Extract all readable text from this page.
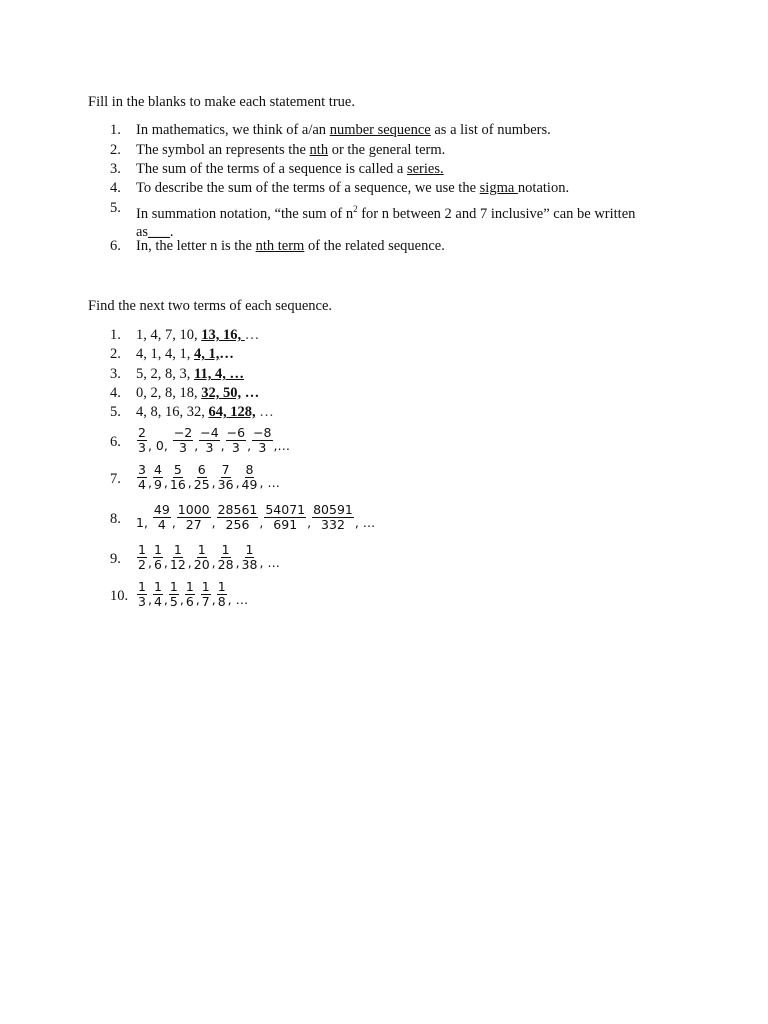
Fill in the blanks to make each statement true.
1.	In mathematics, we think of a/an number sequence as a list of numbers.
2.	The symbol an represents the nth or the general term.
3.	The sum of the terms of a sequence is called a series.
4.	To describe the sum of the terms of a sequence, we use the sigma notation.
5.	In summation notation, “the sum of $n^2$ for n between 2 and 7 inclusive” can be written as___.
6.	In, the letter n is the nth term of the related sequence.
Find the next two terms of each sequence.
1.	1, 4, 7, 10, 13, 16, …
2.	4, 1, 4, 1, 4, 1,…
3.	5, 2, 8, 3, 11, 4, …
4.	0, 2, 8, 18, 32, 50, …
5.	4, 8, 16, 32, 64, 128, …
6.	$\frac{2}{3}$ , 0, $\frac{-2}{3}$ , $\frac{-4}{3}$ , $\frac{-6}{3}$ , $\frac{-8}{3}$ ,…
7.	$\frac{3}{4}$ , $\frac{4}{9}$ , $\frac{5}{16}$ , $\frac{6}{25}$ , $\frac{7}{36}$ , $\frac{8}{49}$ , …
8.	1, $\frac{49}{4}$ , $\frac{1000}{27}$ , $\frac{28561}{256}$ , $\frac{54071}{691}$ , $\frac{80591}{332}$ , …
9.	$\frac{1}{2}$ , $\frac{1}{6}$ , $\frac{1}{12}$ , $\frac{1}{20}$ , $\frac{1}{28}$ , $\frac{1}{38}$ , …
10. $\frac{1}{3}$ , $\frac{1}{4}$ , $\frac{1}{5}$ , $\frac{1}{6}$ , $\frac{1}{7}$ , $\frac{1}{8}$ , …
